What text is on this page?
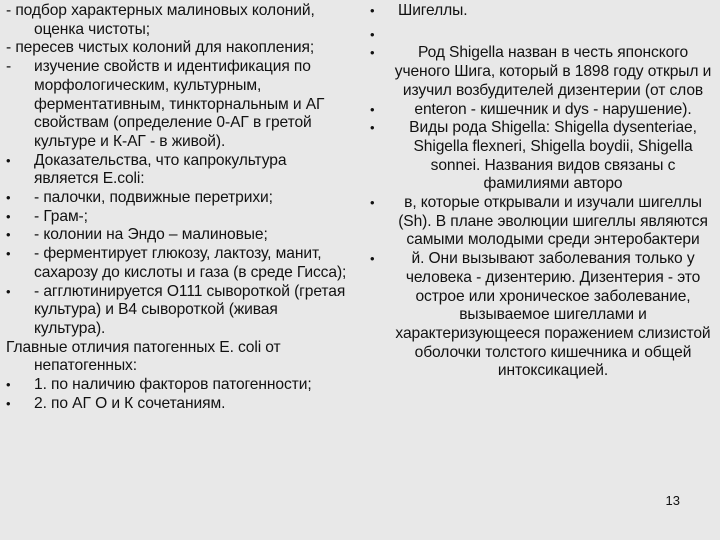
- подбор характерных малиновых колоний, оценка чистоты;
- пересев чистых колоний для накопления;
- изучение свойств и идентификация по морфологическим, культурным, ферментативным, тинкторнальным и АГ свойствам (определение 0-АГ в гретой культуре и К-АГ - в живой).
• Доказательства, что капрокультура является E.coli:
• - палочки, подвижные перетрихи;
• - Грам-;
• - колонии на Эндо – малиновые;
• - ферментирует глюкозу, лактозу, манит, сахарозу до кислоты и газа (в среде Гисса);
• - агглютинируется О111 сывороткой (гретая культура) и В4 сывороткой (живая культура).
Главные отличия патогенных E. coli от непатогенных:
• 1. по наличию факторов патогенности;
• 2. по АГ О и К сочетаниям.
•	Шигеллы.
•
•	Род Shigella назван в честь японского ученого Шига, который в 1898 году открыл и изучил возбудителей дизентерии (от слов
•	enteron - кишечник и dys - нарушение).
•	Виды рода Shigella: Shigella dysenteriae, Shigella flexneri, Shigella boydii, Shigella sonnei. Названия видов связаны с фамилиями авторо
•	в, которые открывали и изучали шигеллы (Sh). В плане эволюции шигеллы являются самыми молодыми среди энтеробактери
•	й. Они вызывают заболевания только у человека - дизентерию. Дизентерия - это острое или хроническое заболевание, вызываемое шигеллами и характеризующееся поражением слизистой оболочки толстого кишечника и общей интоксикацией.
13
